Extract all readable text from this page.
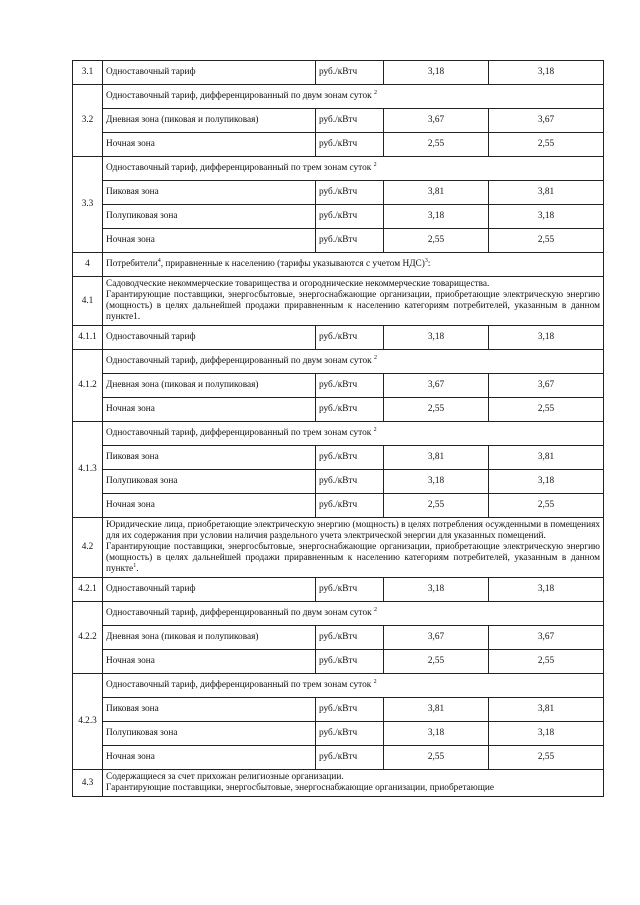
3.1	Одноставочный тариф	руб./кВтч	3,18	3,18
3.2	Одноставочный тариф, дифференцированный по двум зонам суток $^2$
	Дневная зона (пиковая и полупиковая)	руб./кВтч	3,67	3,67
	Ночная зона	руб./кВтч	2,55	2,55
3.3	Одноставочный тариф, дифференцированный по трем зонам суток $^2$
	Пиковая зона	руб./кВтч	3,81	3,81
	Полупиковая зона	руб./кВтч	3,18	3,18
	Ночная зона	руб./кВтч	2,55	2,55
4	Потребители$^4$, приравненные к населению (тарифы указываются с учетом НДС)$^3$:			
4.1	Садоводческие некоммерческие товарищества и огороднические некоммерческие товарищества.
Гарантирующие поставщики, энергосбытовые, энергоснабжающие организации, приобретающие электрическую энергию (мощность) в целях дальнейшей продажи приравненным к населению категориям потребителей, указанным в данном пункте1.			

4.1.1	Одноставочный тариф	руб./кВтч	3,18	3,18
4.1.2	Одноставочный тариф, дифференцированный по двум зонам суток $^2$
	Дневная зона (пиковая и полупиковая)	руб./кВтч	3,67	3,67
	Ночная зона	руб./кВтч	2,55	2,55
4.1.3	Одноставочный тариф, дифференцированный по трем зонам суток $^2$
	Пиковая зона	руб./кВтч	3,81	3,81
	Полупиковая зона	руб./кВтч	3,18	3,18
	Ночная зона	руб./кВтч	2,55	2,55
4.2	Юридические лица, приобретающие электрическую энергию (мощность) в целях потребления осужденными в помещениях для их содержания при условии наличия раздельного учета электрической энергии для указанных помещений.
Гарантирующие поставщики, энергосбытовые, энергоснабжающие организации, приобретающие электрическую энергию (мощность) в целях дальнейшей продажи приравненным к населению категориям потребителей, указанным в данном пункте$^1$.			

4.2.1	Одноставочный тариф	руб./кВтч	3,18	3,18
4.2.2	Одноставочный тариф, дифференцированный по двум зонам суток $^2$
	Дневная зона (пиковая и полупиковая)	руб./кВтч	3,67	3,67
	Ночная зона	руб./кВтч	2,55	2,55
4.2.3	Одноставочный тариф, дифференцированный по трем зонам суток $^2$
	Пиковая зона	руб./кВтч	3,81	3,81
	Полупиковая зона	руб./кВтч	3,18	3,18
	Ночная зона	руб./кВтч	2,55	2,55
4.3	Содержащиеся за счет прихожан религиозные организации.
Гарантирующие поставщики, энергосбытовые, энергоснабжающие организации, приобретающие			
